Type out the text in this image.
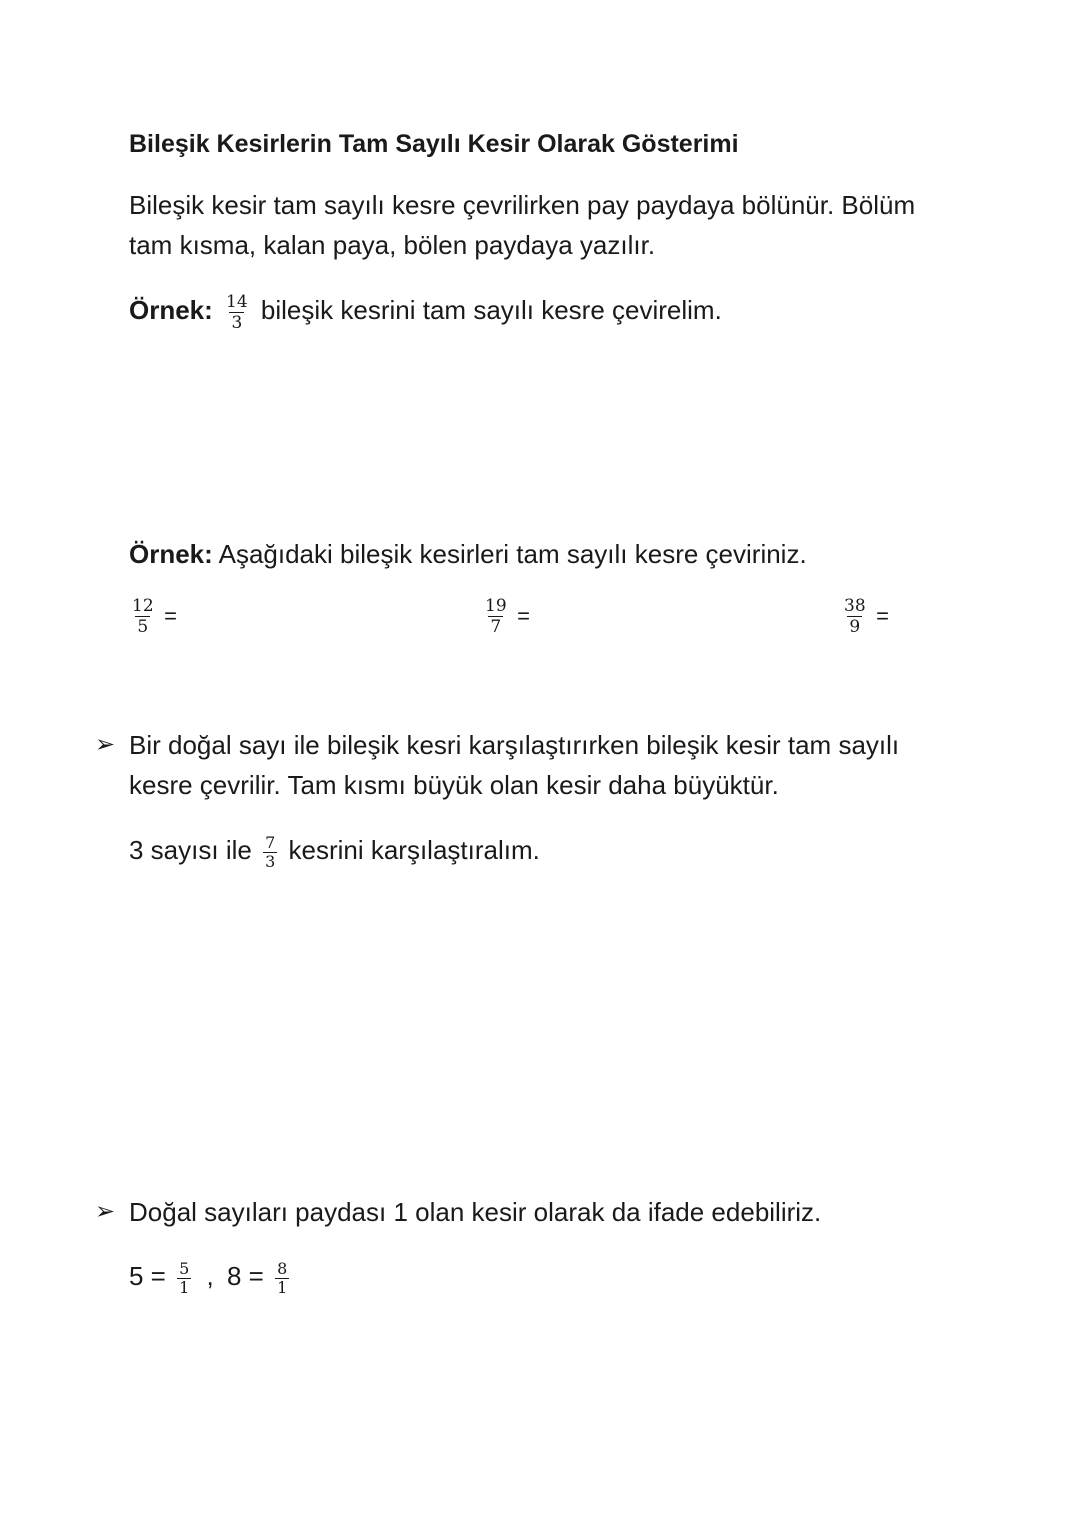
Bileşik Kesirlerin Tam Sayılı Kesir Olarak Gösterimi
Bileşik kesir tam sayılı kesre çevrilirken pay paydaya bölünür. Bölüm
tam kısma, kalan paya, bölen paydaya yazılır.
Örnek: $\frac{14}{3}$ bileşik kesrini tam sayılı kesre çevirelim.
Örnek: Aşağıdaki bileşik kesirleri tam sayılı kesre çeviriniz.
$\frac{12}{5}$ =	$\frac{19}{7}$ =	$\frac{38}{9}$ =
➢ Bir doğal sayı ile bileşik kesri karşılaştırırken bileşik kesir tam sayılı
kesre çevrilir. Tam kısmı büyük olan kesir daha büyüktür.
3 sayısı ile $\frac{7}{3}$ kesrini karşılaştıralım.
➢ Doğal sayıları paydası 1 olan kesir olarak da ifade edebiliriz.
$5 = \frac{5}{1}$ , $8 = \frac{8}{1}$
